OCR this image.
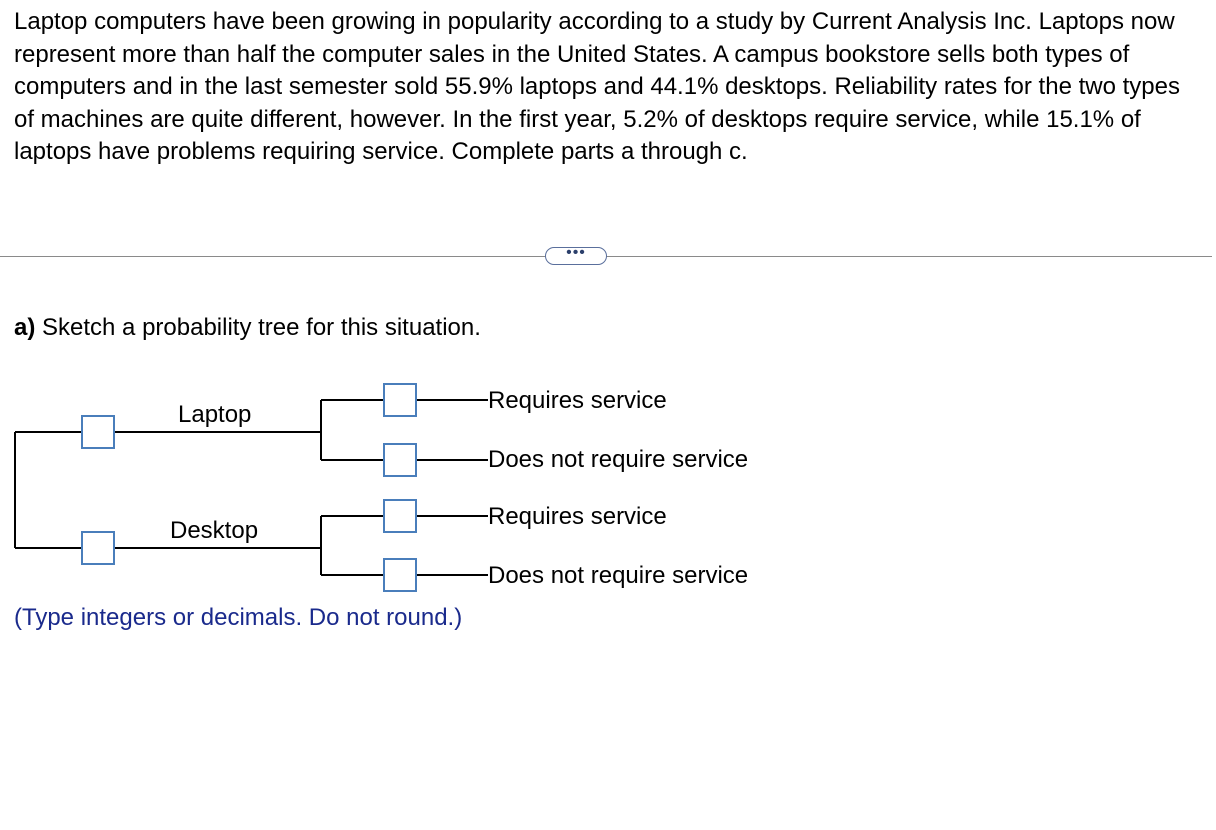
Laptop computers have been growing in popularity according to a study by Current Analysis Inc. Laptops now represent more than half the computer sales in the United States. A campus bookstore sells both types of computers and in the last semester sold 55.9% laptops and 44.1% desktops. Reliability rates for the two types of machines are quite different, however. In the first year, 5.2% of desktops require service, while 15.1% of laptops have problems requiring service. Complete parts a through c.

•••

a) Sketch a probability tree for this situation.

Laptop
Desktop
Requires service
Does not require service
Requires service
Does not require service

(Type integers or decimals. Do not round.)
